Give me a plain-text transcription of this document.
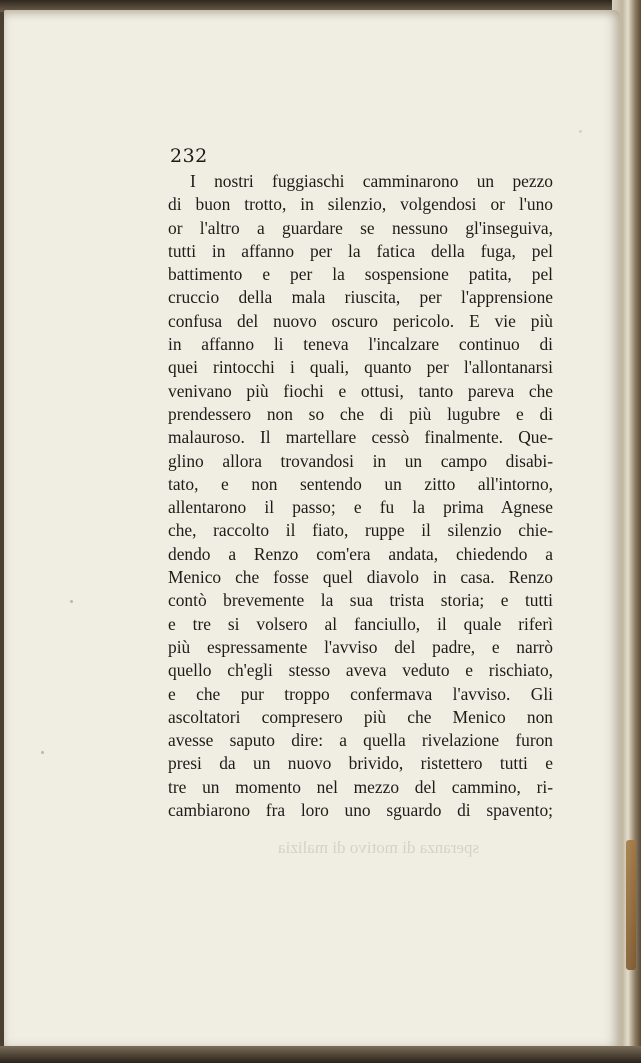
232
I nostri fuggiaschi camminarono un pezzo
di buon trotto, in silenzio, volgendosi or l'uno
or l'altro a guardare se nessuno gl'inseguiva,
tutti in affanno per la fatica della fuga, pel
battimento e per la sospensione patita, pel
cruccio della mala riuscita, per l'apprensione
confusa del nuovo oscuro pericolo. E vie più
in affanno li teneva l'incalzare continuo di
quei rintocchi i quali, quanto per l'allontanarsi
venivano più fiochi e ottusi, tanto pareva che
prendessero non so che di più lugubre e di
malauroso. Il martellare cessò finalmente. Que-
glino allora trovandosi in un campo disabi-
tato, e non sentendo un zitto all'intorno,
allentarono il passo; e fu la prima Agnese
che, raccolto il fiato, ruppe il silenzio chie-
dendo a Renzo com'era andata, chiedendo a
Menico che fosse quel diavolo in casa. Renzo
contò brevemente la sua trista storia; e tutti
e tre si volsero al fanciullo, il quale riferì
più espressamente l'avviso del padre, e narrò
quello ch'egli stesso aveva veduto e rischiato,
e che pur troppo confermava l'avviso. Gli
ascoltatori compresero più che Menico non
avesse saputo dire: a quella rivelazione furon
presi da un nuovo brivido, ristettero tutti e
tre un momento nel mezzo del cammino, ri-
cambiarono fra loro uno sguardo di spavento;
speranza di motivo di malizia
